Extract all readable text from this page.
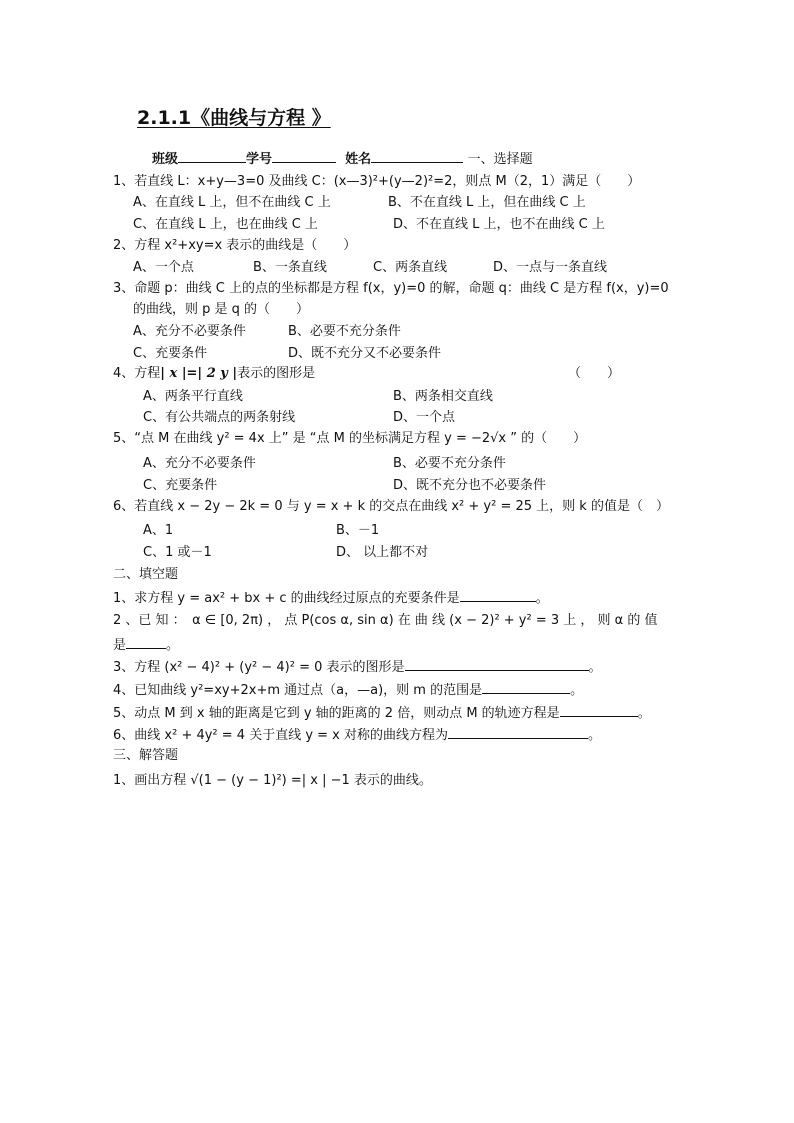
2.1.1《曲线与方程 》
班级	学号	姓名	一、选择题
1、若直线 L：x+y—3=0 及曲线 C：(x—3)²+(y—2)²=2，则点 M（2，1）满足（　　）
A、在直线 L 上，但不在曲线 C 上	B、不在直线 L 上，但在曲线 C 上
C、在直线 L 上，也在曲线 C 上	D、不在直线 L 上，也不在曲线 C 上
2、方程 x²+xy=x 表示的曲线是（　　）
A、一个点	B、一条直线	C、两条直线	D、一点与一条直线
3、命题 p：曲线 C 上的点的坐标都是方程 f(x，y)=0 的解，命题 q：曲线 C 是方程 f(x，y)=0
的曲线，则 p 是 q 的（　　）
A、充分不必要条件	B、必要不充分条件
C、充要条件	D、既不充分又不必要条件
4、方程| x |=| 2 y |表示的图形是	（　　）
A、两条平行直线	B、两条相交直线
C、有公共端点的两条射线	D、一个点
5、“点 M 在曲线 y² = 4x 上” 是 “点 M 的坐标满足方程 y = −2√x ” 的（　　）
A、充分不必要条件	B、必要不充分条件
C、充要条件	D、既不充分也不必要条件
6、若直线 x − 2y − 2k = 0 与 y = x + k 的交点在曲线 x² + y² = 25 上，则 k 的值是（　）
A、1	B、－1
C、1 或－1	D、 以上都不对
二、填空题
1、求方程 y = ax² + bx + c 的曲线经过原点的充要条件是	。
2 、已 知 ：　α ∈ [0, 2π) ， 点 P(cos α, sin α) 在 曲 线 (x − 2)² + y² = 3 上 ， 则 α 的 值
是	。
3、方程 (x² − 4)² + (y² − 4)² = 0 表示的图形是	。
4、已知曲线 y²=xy+2x+m 通过点（a，—a)，则 m 的范围是	。
5、动点 M 到 x 轴的距离是它到 y 轴的距离的 2 倍，则动点 M 的轨迹方程是	。
6、曲线 x² + 4y² = 4 关于直线 y = x 对称的曲线方程为	。
三、解答题
1、画出方程 √(1 − (y − 1)²) =| x | −1 表示的曲线。
